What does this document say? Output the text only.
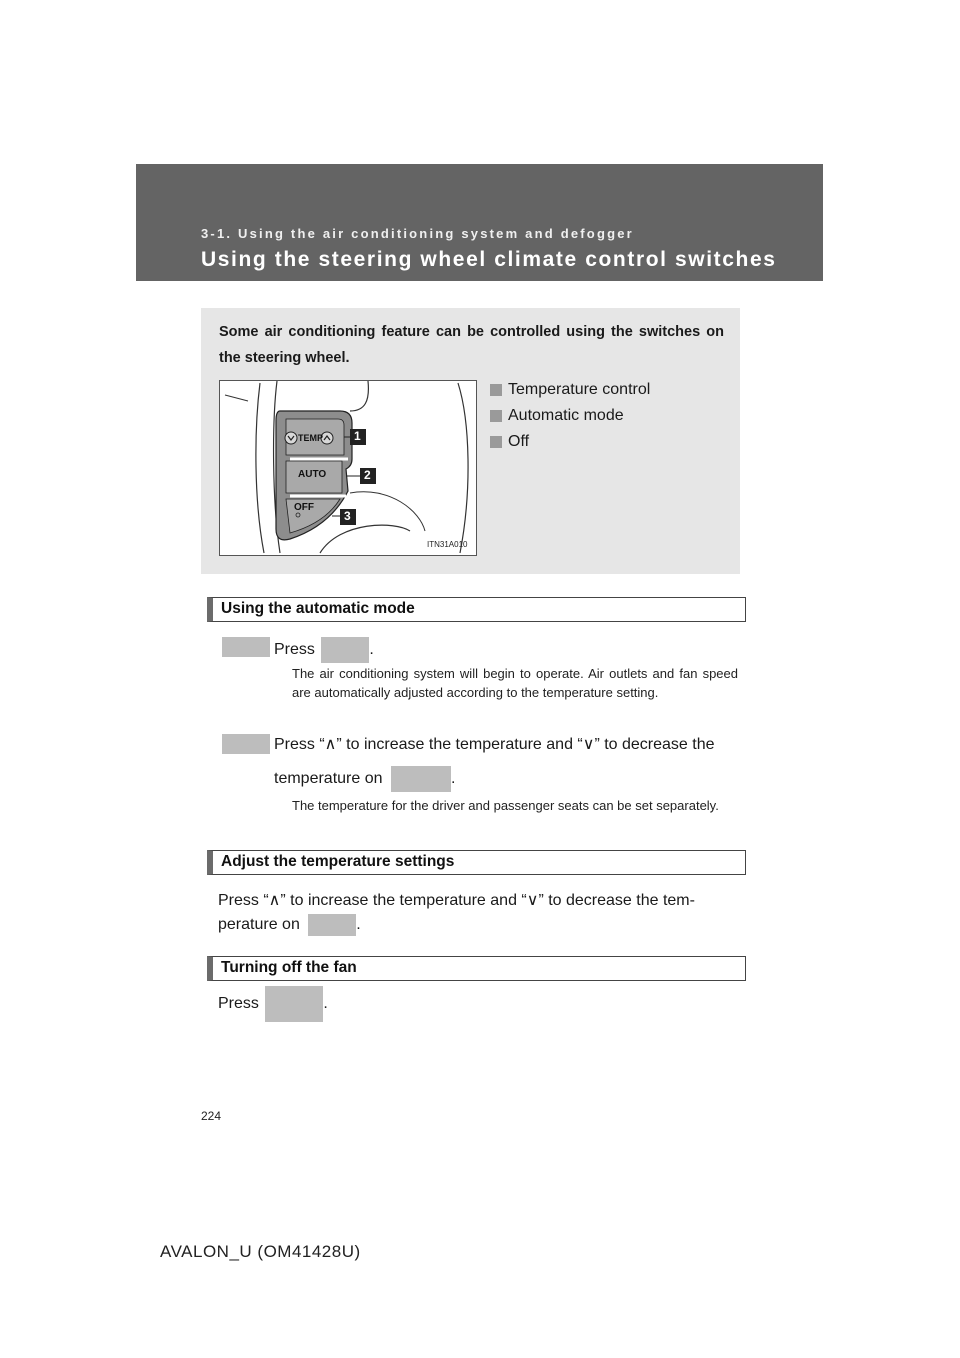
3-1. Using the air conditioning system and defogger
Using the steering wheel climate control switches
Some air conditioning feature can be controlled using the switches on the steering wheel.
TEMP
AUTO
OFF
1
2
3
ITN31A010
Temperature control
Automatic mode
Off
Using the automatic mode
Press	.
The air conditioning system will begin to operate. Air outlets and fan speed are automatically adjusted according to the temperature setting.
Press “∧” to increase the temperature and “∨” to decrease the
temperature on	.
The temperature for the driver and passenger seats can be set separately.
Adjust the temperature settings
Press “∧” to increase the temperature and “∨” to decrease the tem-
perature on	.
Turning off the fan
Press	.
224
AVALON_U (OM41428U)
